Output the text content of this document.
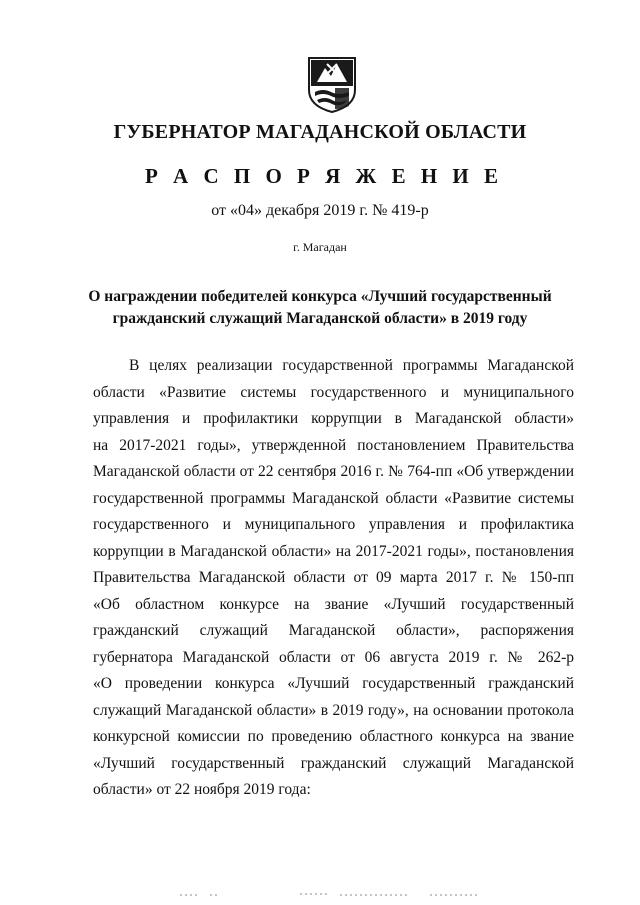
ГУБЕРНАТОР МАГАДАНСКОЙ ОБЛАСТИ
Р А С П О Р Я Ж Е Н И Е
от «04» декабря 2019 г. № 419-р
г. Магадан
О награждении победителей конкурса «Лучший государственный
гражданский служащий Магаданской области» в 2019 году
В целях реализации государственной программы Магаданской
области «Развитие системы государственного и муниципального
управления и профилактики коррупции в Магаданской области»
на 2017-2021 годы», утвержденной постановлением Правительства
Магаданской области от 22 сентября 2016 г. № 764-пп «Об утверждении
государственной программы Магаданской области «Развитие системы
государственного и муниципального управления и профилактика
коррупции в Магаданской области» на 2017-2021 годы», постановления
Правительства Магаданской области от 09 марта 2017 г. № 150-пп
«Об областном конкурсе на звание «Лучший государственный
гражданский служащий Магаданской области», распоряжения
губернатора Магаданской области от 06 августа 2019 г. № 262-р
«О проведении конкурса «Лучший государственный гражданский
служащий Магаданской области» в 2019 году», на основании протокола
конкурсной комиссии по проведению областного конкурса на звание
«Лучший государственный гражданский служащий Магаданской
области» от 22 ноября 2019 года:
